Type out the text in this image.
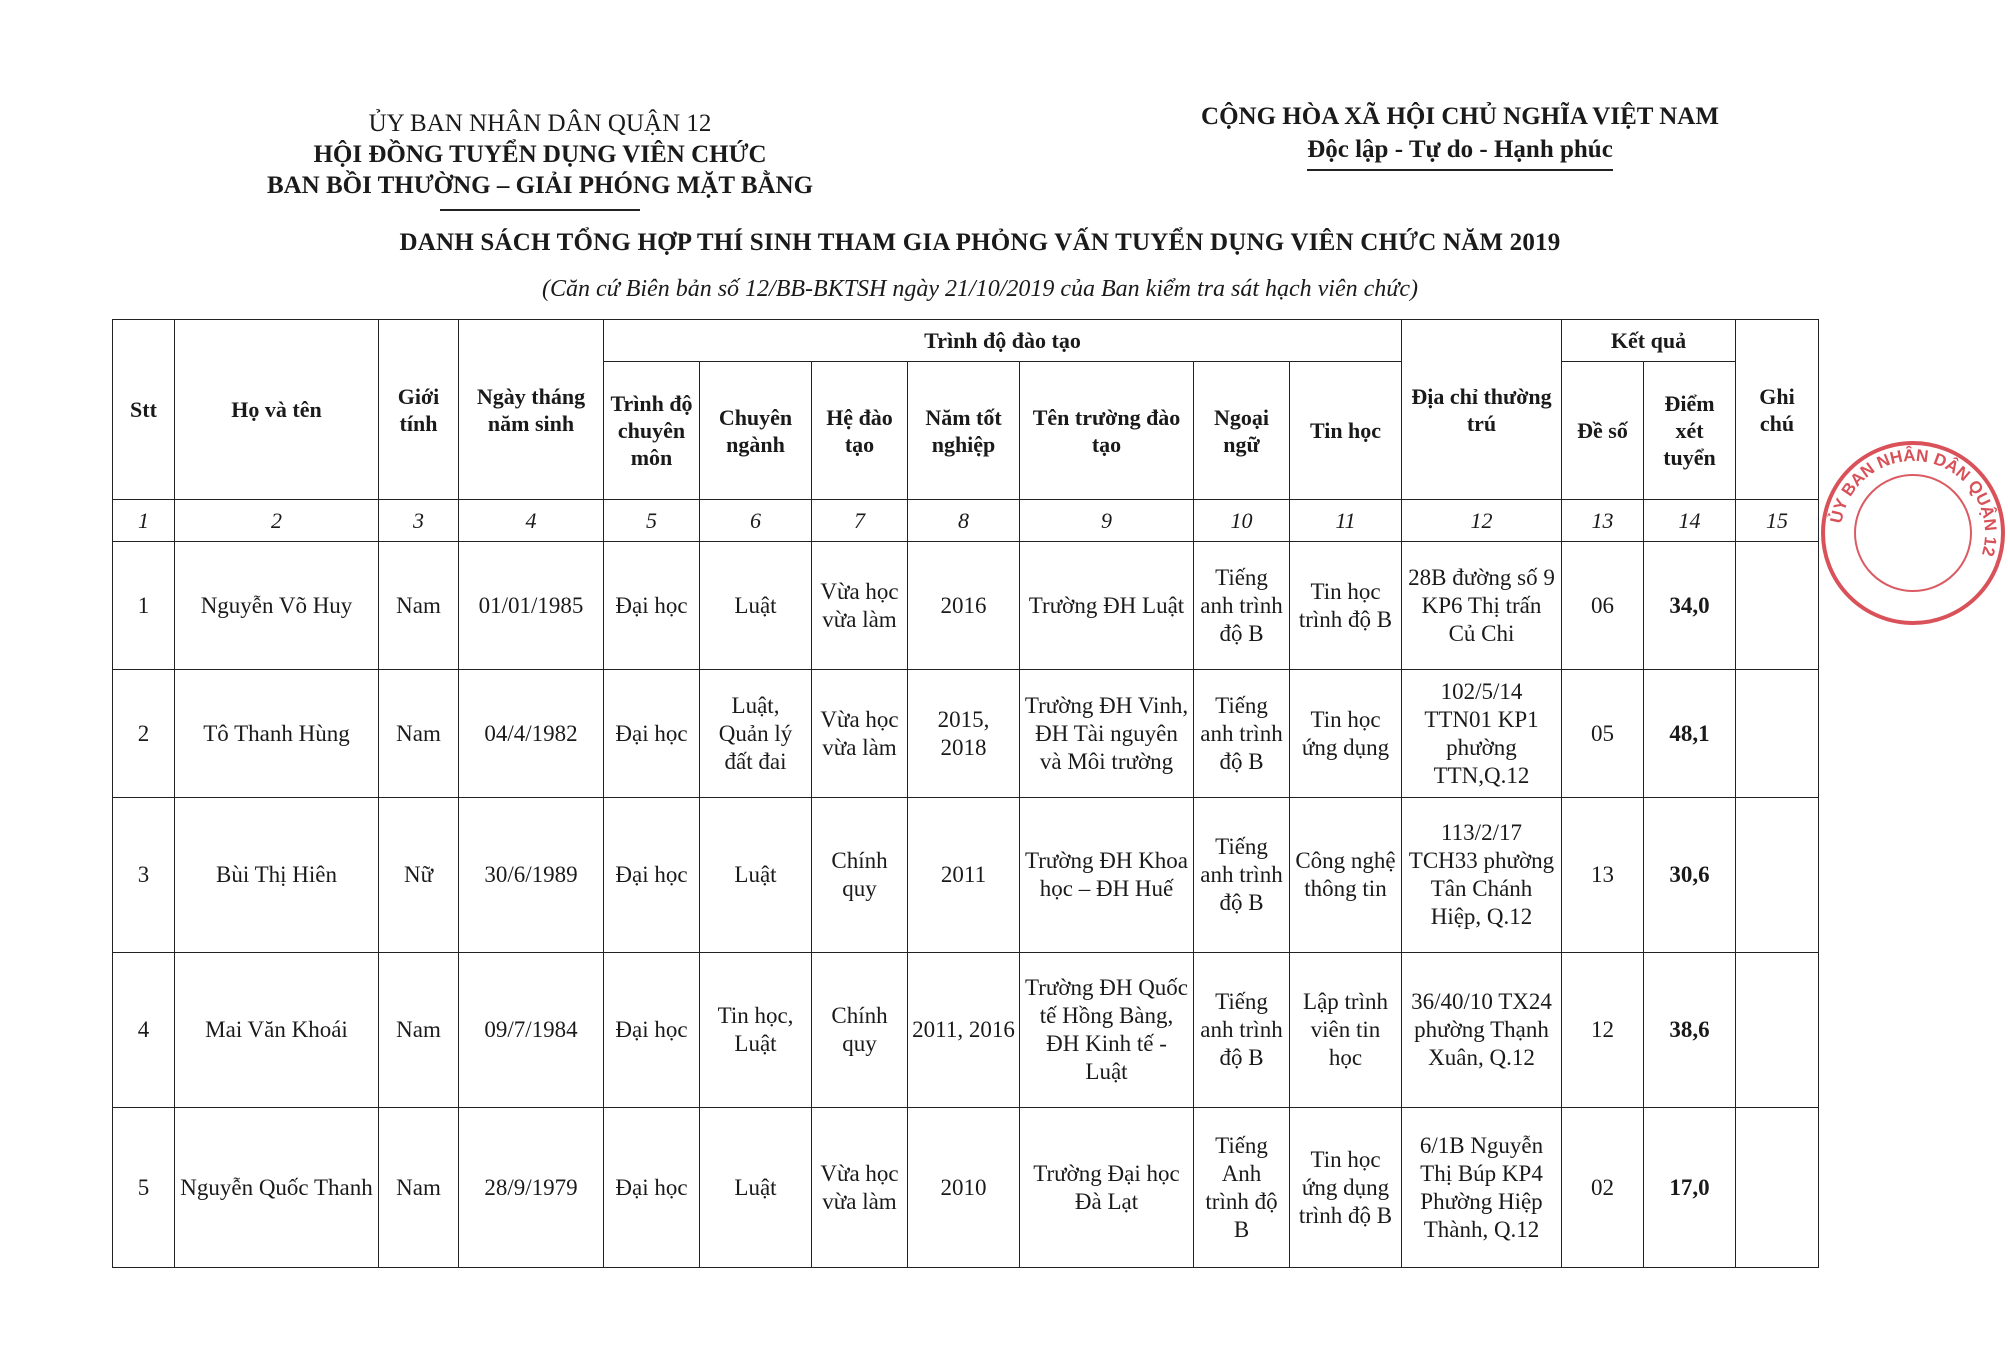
ỦY BAN NHÂN DÂN QUẬN 12
HỘI ĐỒNG TUYỂN DỤNG VIÊN CHỨC
BAN BỒI THƯỜNG – GIẢI PHÓNG MẶT BẰNG
CỘNG HÒA XÃ HỘI CHỦ NGHĨA VIỆT NAM
Độc lập - Tự do - Hạnh phúc
DANH SÁCH TỔNG HỢP THÍ SINH THAM GIA PHỎNG VẤN TUYỂN DỤNG VIÊN CHỨC NĂM 2019
(Căn cứ Biên bản số 12/BB-BKTSH ngày 21/10/2019 của Ban kiểm tra sát hạch viên chức)
Stt	Họ và tên	Giới tính	Ngày tháng năm sinh	Trình độ đào tạo							Địa chỉ thường trú	Kết quả		Ghi chú
				Trình độ chuyên môn	Chuyên ngành	Hệ đào tạo	Năm tốt nghiệp	Tên trường đào tạo	Ngoại ngữ	Tin học		Đề số	Điểm xét tuyển	
1	2	3	4	5	6	7	8	9	10	11	12	13	14	15
1	Nguyễn Võ Huy	Nam	01/01/1985	Đại học	Luật	Vừa học vừa làm	2016	Trường ĐH Luật	Tiếng anh trình độ B	Tin học trình độ B	28B đường số 9 KP6 Thị trấn Củ Chi	06	34,0	
2	Tô Thanh Hùng	Nam	04/4/1982	Đại học	Luật, Quản lý đất đai	Vừa học vừa làm	2015, 2018	Trường ĐH Vinh, ĐH Tài nguyên và Môi trường	Tiếng anh trình độ B	Tin học ứng dụng	102/5/14 TTN01 KP1 phường TTN,Q.12	05	48,1	
3	Bùi Thị Hiên	Nữ	30/6/1989	Đại học	Luật	Chính quy	2011	Trường ĐH Khoa học – ĐH Huế	Tiếng anh trình độ B	Công nghệ thông tin	113/2/17 TCH33 phường Tân Chánh Hiệp, Q.12	13	30,6	
4	Mai Văn Khoái	Nam	09/7/1984	Đại học	Tin học, Luật	Chính quy	2011, 2016	Trường ĐH Quốc tế Hồng Bàng, ĐH Kinh tế - Luật	Tiếng anh trình độ B	Lập trình viên tin học	36/40/10 TX24 phường Thạnh Xuân, Q.12	12	38,6	
5	Nguyễn Quốc Thanh	Nam	28/9/1979	Đại học	Luật	Vừa học vừa làm	2010	Trường Đại học Đà Lạt	Tiếng Anh trình độ B	Tin học ứng dụng trình độ B	6/1B Nguyễn Thị Búp KP4 Phường Hiệp Thành, Q.12	02	17,0	
ỦY BAN NHÂN DÂN QUẬN 12
